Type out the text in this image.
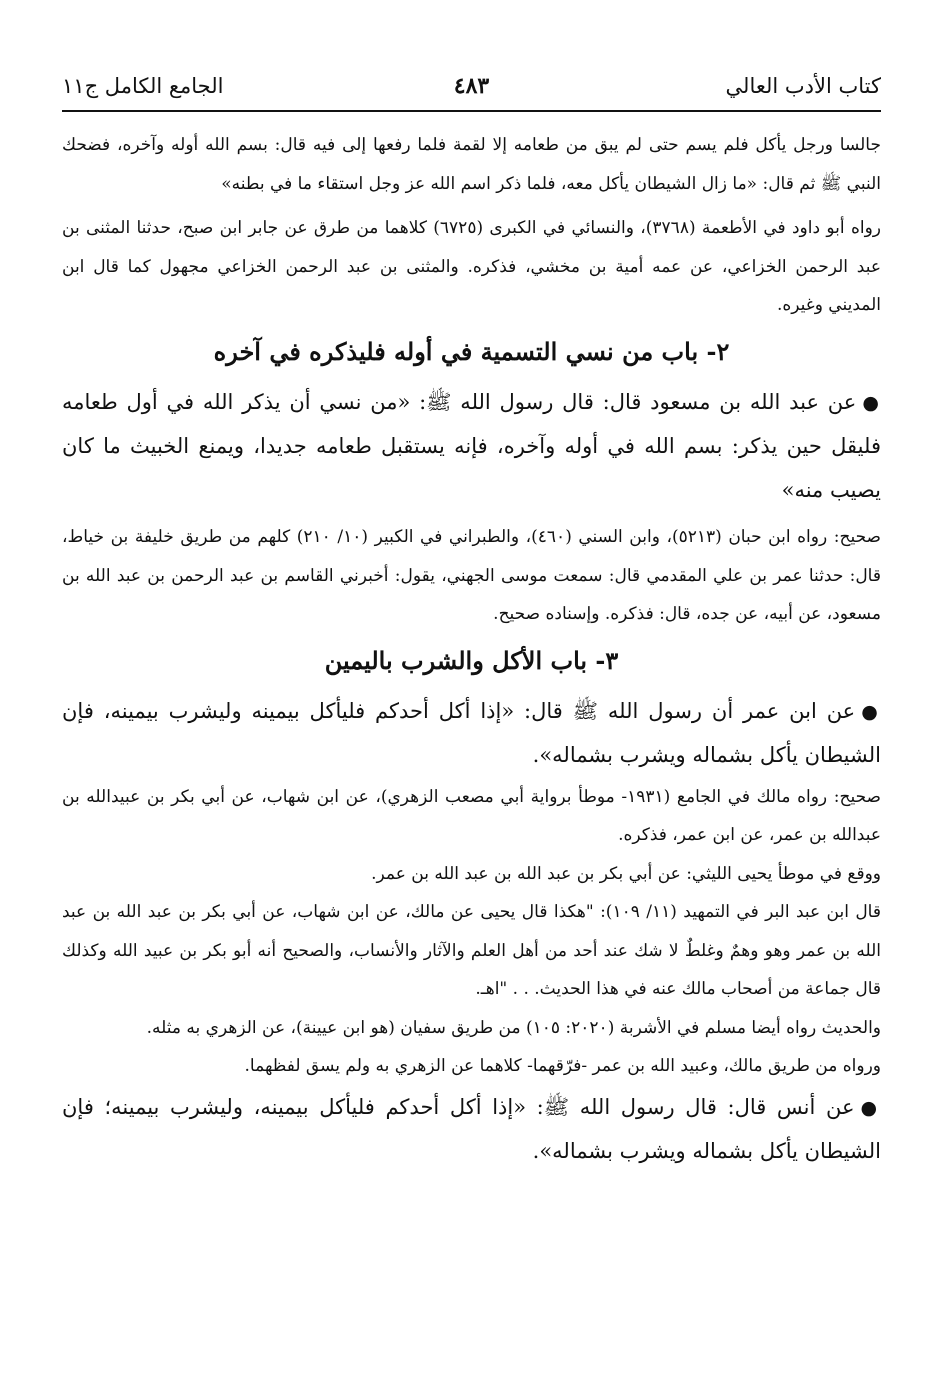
كتاب الأدب العالي
٤٨٣
الجامع الكامل ج١١

جالسا ورجل يأكل فلم يسم حتى لم يبق من طعامه إلا لقمة فلما رفعها إلى فيه قال: بسم الله أوله وآخره، فضحك النبي ﷺ ثم قال: «ما زال الشيطان يأكل معه، فلما ذكر اسم الله عز وجل استقاء ما في بطنه»

رواه أبو داود في الأطعمة (٣٧٦٨)، والنسائي في الكبرى (٦٧٢٥) كلاهما من طرق عن جابر ابن صبح، حدثنا المثنى بن عبد الرحمن الخزاعي، عن عمه أمية بن مخشي، فذكره. والمثنى بن عبد الرحمن الخزاعي مجهول كما قال ابن المديني وغيره.

٢- باب من نسي التسمية في أوله فليذكره في آخره

●عن عبد الله بن مسعود قال: قال رسول الله ﷺ: «من نسي أن يذكر الله في أول طعامه فليقل حين يذكر: بسم الله في أوله وآخره، فإنه يستقبل طعامه جديدا، ويمنع الخبيث ما كان يصيب منه»

صحيح: رواه ابن حبان (٥٢١٣)، وابن السني (٤٦٠)، والطبراني في الكبير (١٠/ ٢١٠) كلهم من طريق خليفة بن خياط، قال: حدثنا عمر بن علي المقدمي قال: سمعت موسى الجهني، يقول: أخبرني القاسم بن عبد الرحمن بن عبد الله بن مسعود، عن أبيه، عن جده، قال: فذكره. وإسناده صحيح.

٣- باب الأكل والشرب باليمين

●عن ابن عمر أن رسول الله ﷺ قال: «إذا أكل أحدكم فليأكل بيمينه وليشرب بيمينه، فإن الشيطان يأكل بشماله ويشرب بشماله».

صحيح: رواه مالك في الجامع (١٩٣١- موطأ برواية أبي مصعب الزهري)، عن ابن شهاب، عن أبي بكر بن عبيدالله بن عبدالله بن عمر، عن ابن عمر، فذكره.

ووقع في موطأ يحيى الليثي: عن أبي بكر بن عبد الله بن عبد الله بن عمر.

قال ابن عبد البر في التمهيد (١١/ ١٠٩): "هكذا قال يحيى عن مالك، عن ابن شهاب، عن أبي بكر بن عبد الله بن عبد الله بن عمر وهو وهمٌ وغلطٌ لا شك عند أحد من أهل العلم والآثار والأنساب، والصحيح أنه أبو بكر بن عبيد الله وكذلك قال جماعة من أصحاب مالك عنه في هذا الحديث. . . "اهـ.

والحديث رواه أيضا مسلم في الأشربة (٢٠٢٠: ١٠٥) من طريق سفيان (هو ابن عيينة)، عن الزهري به مثله.

ورواه من طريق مالك، وعبيد الله بن عمر -فرّقهما- كلاهما عن الزهري به ولم يسق لفظهما.

●عن أنس قال: قال رسول الله ﷺ: «إذا أكل أحدكم فليأكل بيمينه، وليشرب بيمينه؛ فإن الشيطان يأكل بشماله ويشرب بشماله».
